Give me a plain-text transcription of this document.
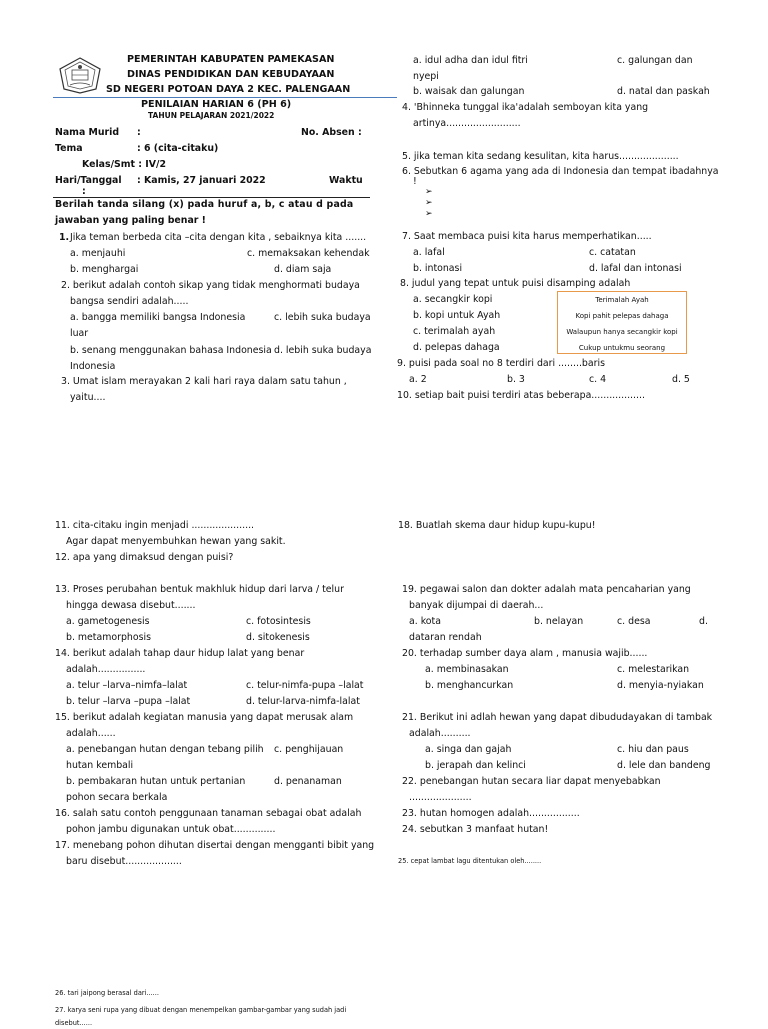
PEMERINTAH KABUPATEN PAMEKASAN
DINAS PENDIDIKAN DAN KEBUDAYAAN
SD NEGERI POTOAN DAYA 2 KEC. PALENGAAN
PENILAIAN HARIAN 6 (PH 6)
TAHUN PELAJARAN 2021/2022
Nama Murid :	No. Absen :
Tema	: 6 (cita-citaku)
Kelas/Smt : IV/2
Hari/Tanggal : Kamis, 27 januari 2022	Waktu
:
Berilah tanda silang (x) pada huruf a, b, c atau d pada
jawaban yang paling benar !
1. Jika teman berbeda cita –cita dengan kita , sebaiknya kita .......
a. menjauhi	c. memaksakan kehendak
b. menghargai	d. diam saja
2. berikut adalah contoh sikap yang tidak menghormati budaya
bangsa sendiri adalah.....
a. bangga memiliki bangsa Indonesia	c. lebih suka budaya
luar
b. senang menggunakan bahasa Indonesia d. lebih suka budaya
Indonesia
3. Umat islam merayakan 2 kali hari raya dalam satu tahun ,
yaitu....
a. idul adha dan idul fitri	c. galungan dan
nyepi
b. waisak dan galungan	d. natal dan paskah
4. 'Bhinneka tunggal ika'adalah semboyan kita yang
artinya.........................
5. jika teman kita sedang kesulitan, kita harus....................
6. Sebutkan 6 agama yang ada di Indonesia dan tempat ibadahnya
!
➢
➢
➢
7. Saat membaca puisi kita harus memperhatikan.....
a. lafal	c. catatan
b. intonasi	d. lafal dan intonasi
8. judul yang tepat untuk puisi disamping adalah
a. secangkir kopi
b. kopi untuk Ayah
c. terimalah ayah
d. pelepas dahaga
Terimalah Ayah
Kopi pahit pelepas dahaga
Walaupun hanya secangkir kopi
Cukup untukmu seorang
9. puisi pada soal no 8 terdiri dari ........baris
a. 2	b. 3	c. 4	d. 5
10. setiap bait puisi terdiri atas beberapa..................
11. cita-citaku ingin menjadi .....................
Agar dapat menyembuhkan hewan yang sakit.
12. apa yang dimaksud dengan puisi?
13. Proses perubahan bentuk makhluk hidup dari larva / telur
hingga dewasa disebut.......
a. gametogenesis	c. fotosintesis
b. metamorphosis	d. sitokenesis
14. berikut adalah tahap daur hidup lalat yang benar
adalah................
a. telur –larva–nimfa–lalat	c. telur-nimfa-pupa –lalat
b. telur –larva –pupa –lalat	d. telur-larva-nimfa-lalat
15. berikut adalah kegiatan manusia yang dapat merusak alam
adalah......
a. penebangan hutan dengan tebang pilih c. penghijauan
hutan kembali
b. pembakaran hutan untuk pertanian	d. penanaman
pohon secara berkala
16. salah satu contoh penggunaan tanaman sebagai obat adalah
pohon jambu digunakan untuk obat..............
17. menebang pohon dihutan disertai dengan mengganti bibit yang
baru disebut...................
18. Buatlah skema daur hidup kupu-kupu!
19. pegawai salon dan dokter adalah mata pencaharian yang
banyak dijumpai di daerah...
a. kota	b. nelayan	c. desa	d.
dataran rendah
20. terhadap sumber daya alam , manusia wajib......
a. membinasakan	c. melestarikan
b. menghancurkan	d. menyia-nyiakan
21. Berikut ini adlah hewan yang dapat dibududayakan di tambak
adalah..........
a. singa dan gajah	c. hiu dan paus
b. jerapah dan kelinci	d. lele dan bandeng
22. penebangan hutan secara liar dapat menyebabkan
.....................
23. hutan homogen adalah.................
24. sebutkan 3 manfaat hutan!
25. cepat lambat lagu ditentukan oleh........
26. tari jaipong berasal dari......
27. karya seni rupa yang dibuat dengan menempelkan gambar-gambar yang sudah jadi
disebut......
